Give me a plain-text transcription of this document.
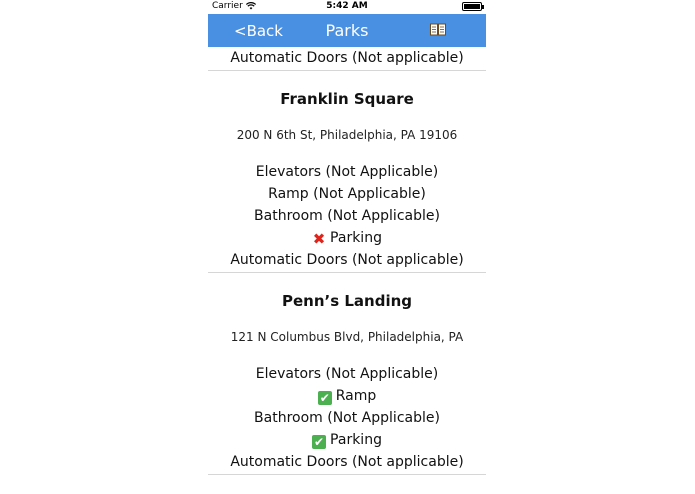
Carrier	5:42 AM
<Back	Parks
Automatic Doors (Not applicable)
Franklin Square
200 N 6th St, Philadelphia, PA 19106
Elevators (Not Applicable)
Ramp (Not Applicable)
Bathroom (Not Applicable)
✖ Parking
Automatic Doors (Not applicable)
Penn’s Landing
121 N Columbus Blvd, Philadelphia, PA
Elevators (Not Applicable)
✔ Ramp
Bathroom (Not Applicable)
✔ Parking
Automatic Doors (Not applicable)
